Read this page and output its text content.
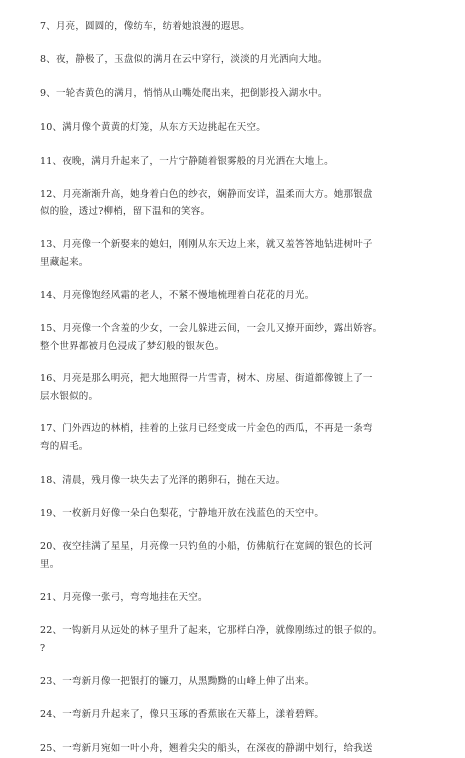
7、月亮，圆圆的，像纺车，纺着她浪漫的遐思。
8、夜，静极了，玉盘似的满月在云中穿行，淡淡的月光洒向大地。
9、一轮杏黄色的满月，悄悄从山嘴处爬出来，把倒影投入湖水中。
10、满月像个黄黄的灯笼，从东方天边挑起在天空。
11、夜晚，满月升起来了，一片宁静随着银雾般的月光洒在大地上。
12、月亮渐渐升高，她身着白色的纱衣，娴静而安详，温柔而大方。她那银盘
似的脸，透过?柳梢，留下温和的笑容。
13、月亮像一个新娶来的媳妇，刚刚从东天边上来，就又羞答答地钻进树叶子
里藏起来。
14、月亮像饱经风霜的老人，不紧不慢地梳理着白花花的月光。
15、月亮像一个含羞的少女，一会儿躲进云间，一会儿又撩开面纱，露出娇容。
整个世界都被月色浸成了梦幻般的银灰色。
16、月亮是那么明亮，把大地照得一片雪青，树木、房屋、街道都像镀上了一
层水银似的。
17、门外西边的林梢，挂着的上弦月已经变成一片金色的西瓜，不再是一条弯
弯的眉毛。
18、清晨，残月像一块失去了光泽的鹅卵石，抛在天边。
19、一枚新月好像一朵白色梨花，宁静地开放在浅蓝色的天空中。
20、夜空挂满了星星，月亮像一只钓鱼的小船，仿佛航行在宽阔的银色的长河
里。
21、月亮像一张弓，弯弯地挂在天空。
22、一钩新月从远处的林子里升了起来，它那样白净，就像刚练过的银子似的。
?
23、一弯新月像一把银打的镰刀，从黑黝黝的山峰上伸了出来。
24、一弯新月升起来了，像只玉琢的香蕉嵌在天幕上，漾着碧辉。
25、一弯新月宛如一叶小舟，翘着尖尖的船头，在深夜的静湖中划行，给我送
